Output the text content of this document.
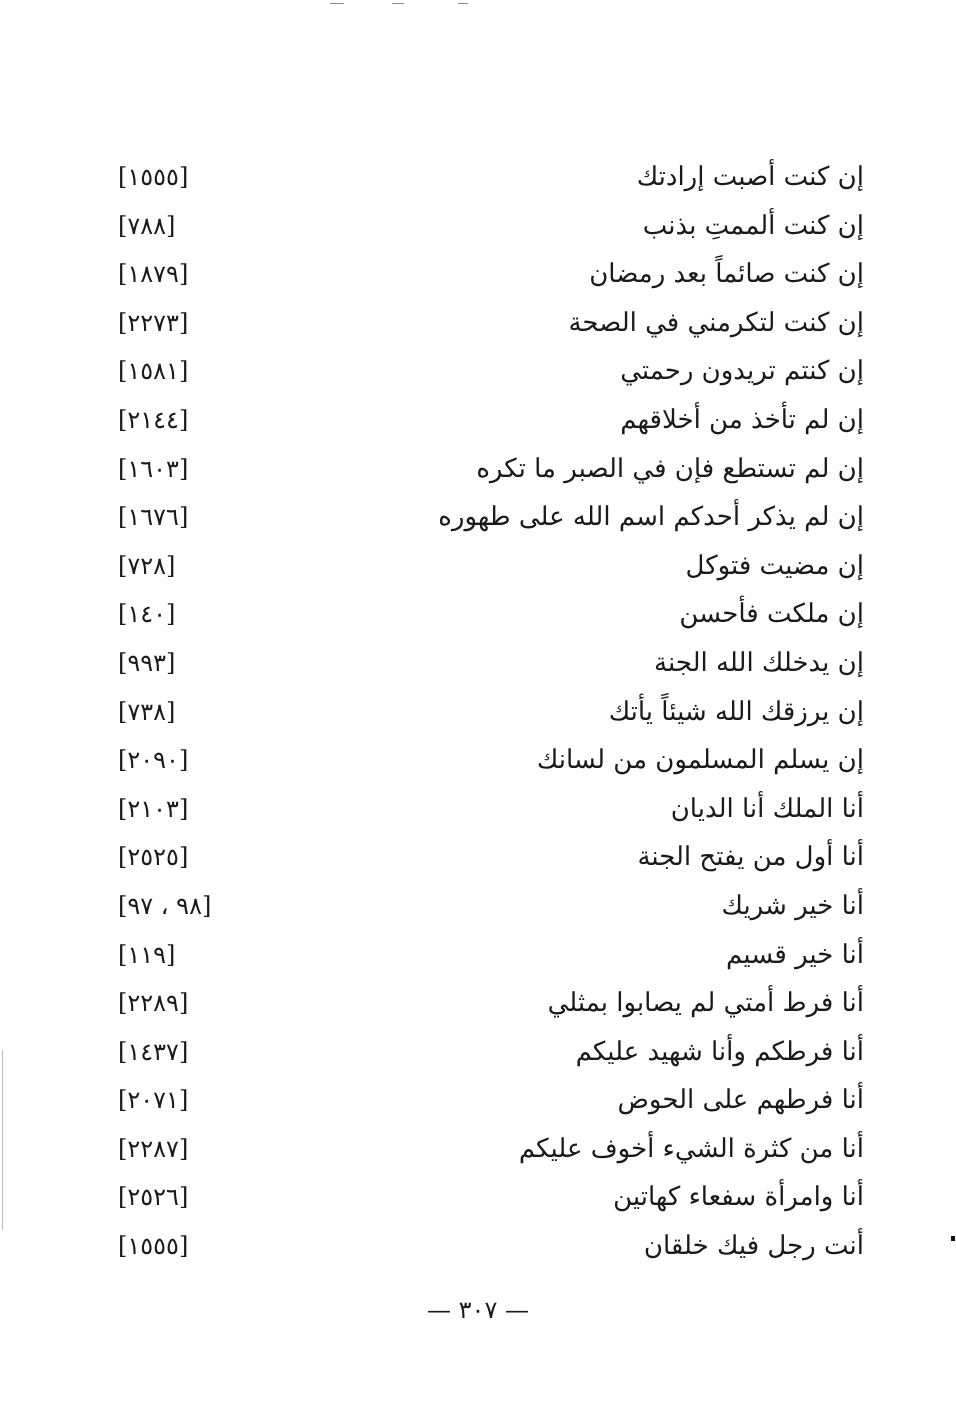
إن كنت أصبت إرادتك
[١٥٥٥]
إن كنت ألممتِ بذنب
[٧٨٨]
إن كنت صائماً بعد رمضان
[١٨٧٩]
إن كنت لتكرمني في الصحة
[٢٢٧٣]
إن كنتم تريدون رحمتي
[١٥٨١]
إن لم تأخذ من أخلاقهم
[٢١٤٤]
إن لم تستطع فإن في الصبر ما تكره
[١٦٠٣]
إن لم يذكر أحدكم اسم الله على طهوره
[١٦٧٦]
إن مضيت فتوكل
[٧٢٨]
إن ملكت فأحسن
[١٤٠]
إن يدخلك الله الجنة
[٩٩٣]
إن يرزقك الله شيئاً يأتك
[٧٣٨]
إن يسلم المسلمون من لسانك
[٢٠٩٠]
أنا الملك أنا الديان
[٢١٠٣]
أنا أول من يفتح الجنة
[٢٥٢٥]
أنا خير شريك
[٩٨ ، ٩٧]
أنا خير قسيم
[١١٩]
أنا فرط أمتي لم يصابوا بمثلي
[٢٢٨٩]
أنا فرطكم وأنا شهيد عليكم
[١٤٣٧]
أنا فرطهم على الحوض
[٢٠٧١]
أنا من كثرة الشيء أخوف عليكم
[٢٢٨٧]
أنا وامرأة سفعاء كهاتين
[٢٥٢٦]
أنت رجل فيك خلقان
[١٥٥٥]
— ٣٠٧ —
